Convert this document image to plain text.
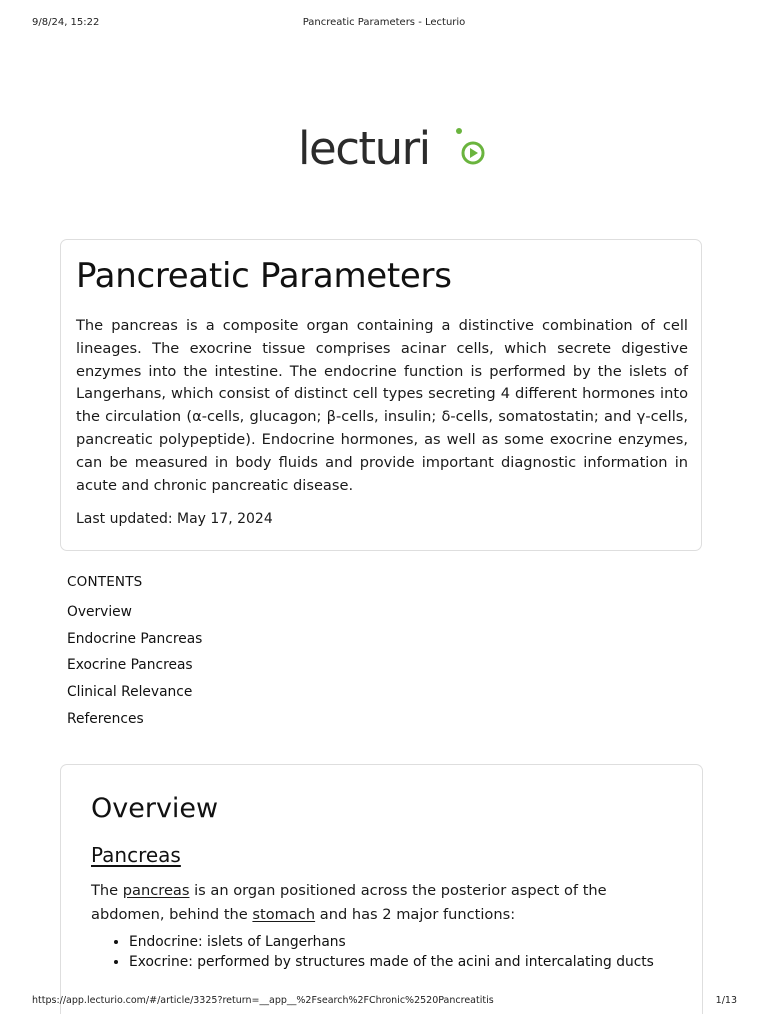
9/8/24, 15:22	Pancreatic Parameters - Lecturio
lecturi
Pancreatic Parameters

The pancreas is a composite organ containing a distinctive combination of cell lineages. The exocrine tissue comprises acinar cells, which secrete digestive enzymes into the intestine. The endocrine function is performed by the islets of Langerhans, which consist of distinct cell types secreting 4 different hormones into the circulation (α-cells, glucagon; β-cells, insulin; δ-cells, somatostatin; and γ-cells, pancreatic polypeptide). Endocrine hormones, as well as some exocrine enzymes, can be measured in body fluids and provide important diagnostic information in acute and chronic pancreatic disease.

Last updated: May 17, 2024
CONTENTS
Overview
Endocrine Pancreas
Exocrine Pancreas
Clinical Relevance
References
Overview
Pancreas

The pancreas is an organ positioned across the posterior aspect of the abdomen, behind the stomach and has 2 major functions:

• Endocrine: islets of Langerhans
• Exocrine: performed by structures made of the acini and intercalating ducts
https://app.lecturio.com/#/article/3325?return=__app__%2Fsearch%2FChronic%2520Pancreatitis	1/13
